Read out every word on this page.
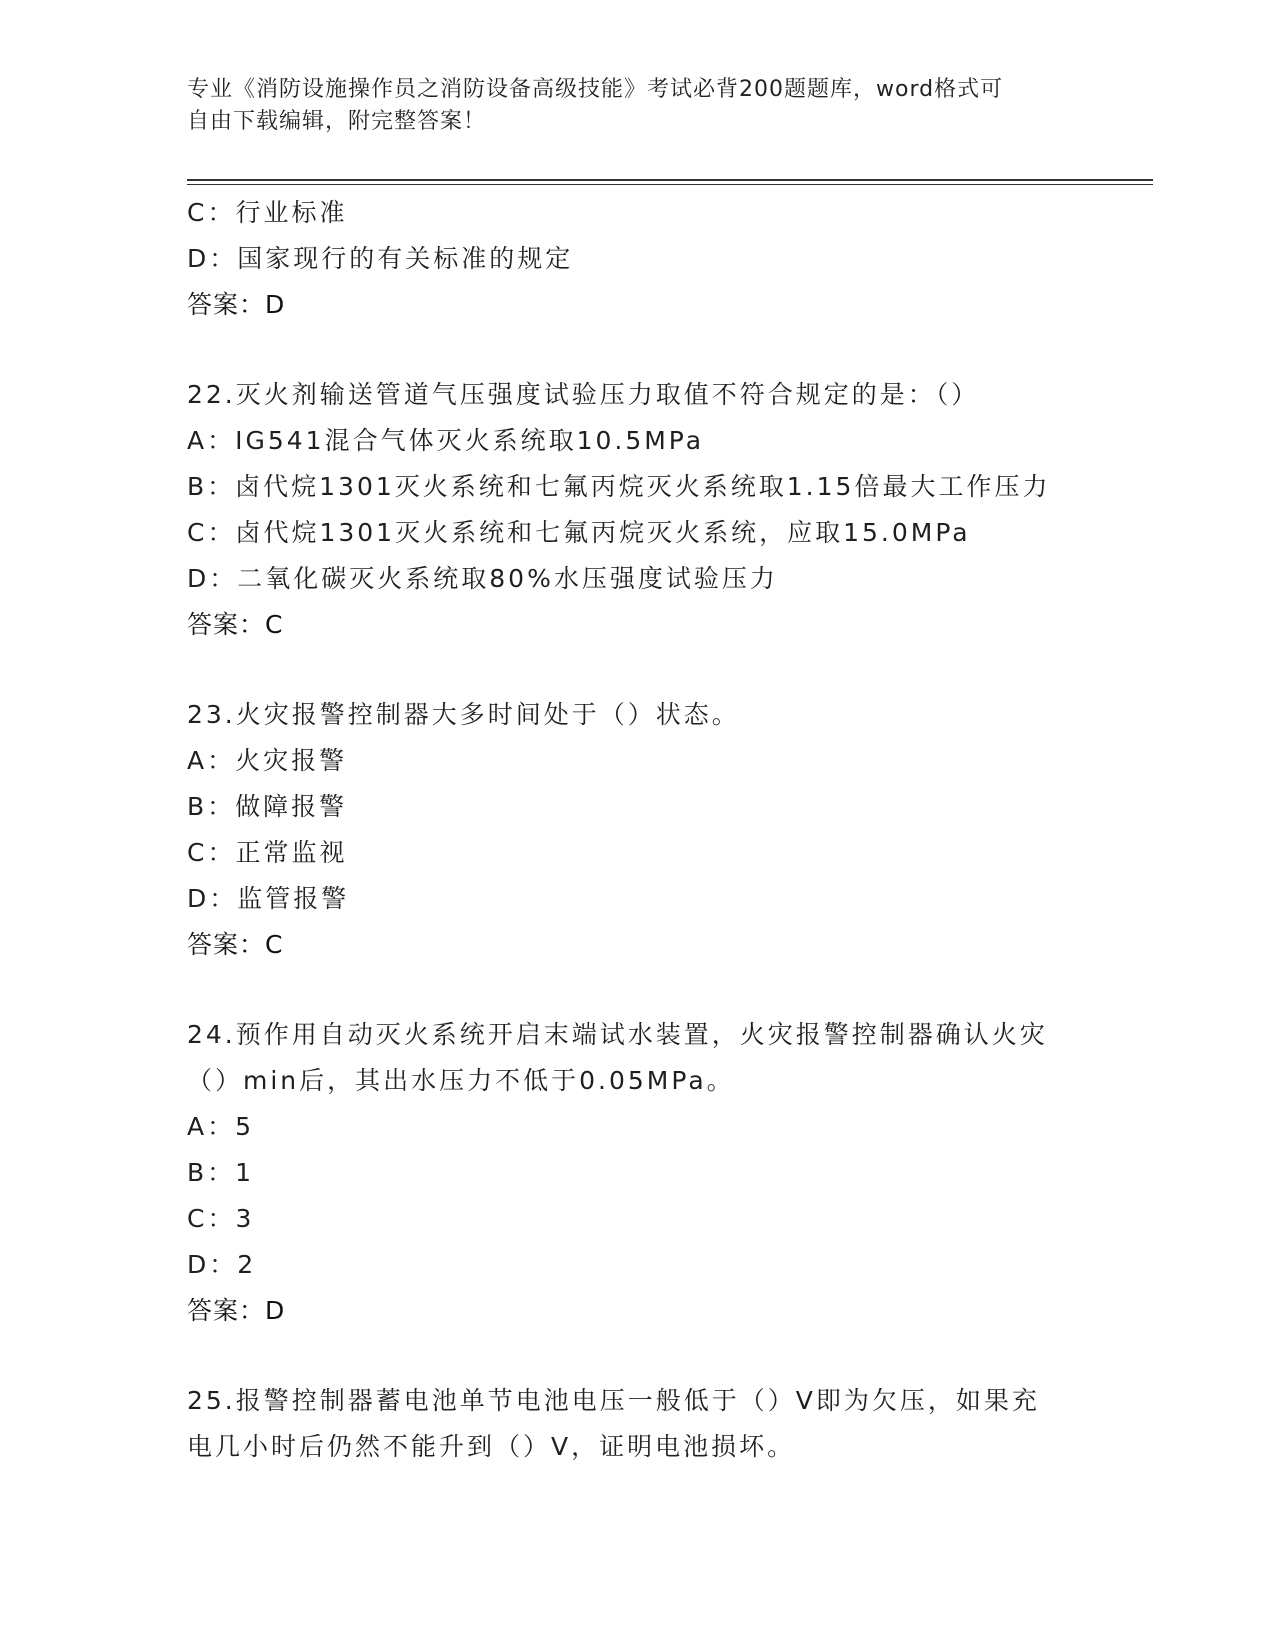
专业《消防设施操作员之消防设备高级技能》考试必背200题题库，word格式可
自由下载编辑，附完整答案！
C：行业标准
D：国家现行的有关标准的规定
答案：D
22.灭火剂输送管道气压强度试验压力取值不符合规定的是：（）
A：IG541混合气体灭火系统取10.5MPa
B：卤代烷1301灭火系统和七氟丙烷灭火系统取1.15倍最大工作压力
C：卤代烷1301灭火系统和七氟丙烷灭火系统，应取15.0MPa
D：二氧化碳灭火系统取80%水压强度试验压力
答案：C
23.火灾报警控制器大多时间处于（）状态。
A：火灾报警
B：做障报警
C：正常监视
D：监管报警
答案：C
24.预作用自动灭火系统开启末端试水装置，火灾报警控制器确认火灾
（）min后，其出水压力不低于0.05MPa。
A：5
B：1
C：3
D：2
答案：D
25.报警控制器蓄电池单节电池电压一般低于（）V即为欠压，如果充
电几小时后仍然不能升到（）V，证明电池损坏。
